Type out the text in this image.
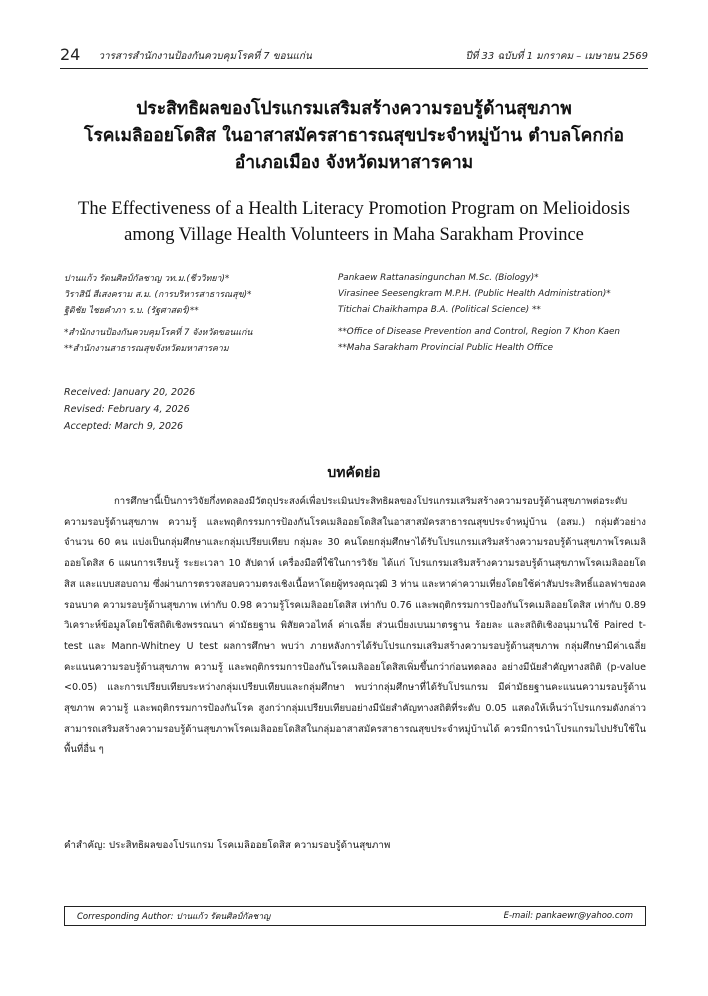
24 วารสารสำนักงานป้องกันควบคุมโรคที่ 7 ขอนแก่น	ปีที่ 33 ฉบับที่ 1 มกราคม – เมษายน 2569
ประสิทธิผลของโปรแกรมเสริมสร้างความรอบรู้ด้านสุขภาพ
โรคเมลิออยโดสิส ในอาสาสมัครสาธารณสุขประจำหมู่บ้าน ตำบลโคกก่อ
อำเภอเมือง จังหวัดมหาสารคาม
The Effectiveness of a Health Literacy Promotion Program on Melioidosis
among Village Health Volunteers in Maha Sarakham Province
ปานแก้ว รัตนศิลป์กัลชาญ วท.ม.(ชีววิทยา)*	Pankaew Rattanasingunchan M.Sc. (Biology)*
วิราสินี สีเสงคราม ส.ม. (การบริหารสาธารณสุข)*	Virasinee Seesengkram M.P.H. (Public Health Administration)*
ฐิติชัย ไชยคำภา ร.บ. (รัฐศาสตร์)**	Titichai Chaikhampa B.A. (Political Science) **
*สำนักงานป้องกันควบคุมโรคที่ 7 จังหวัดขอนแก่น	**Office of Disease Prevention and Control, Region 7 Khon Kaen
**สำนักงานสาธารณสุขจังหวัดมหาสารคาม	**Maha Sarakham Provincial Public Health Office
Received: January 20, 2026
Revised: February 4, 2026
Accepted: March 9, 2026
บทคัดย่อ
การศึกษานี้เป็นการวิจัยกึ่งทดลองมีวัตถุประสงค์เพื่อประเมินประสิทธิผลของโปรแกรมเสริมสร้างความรอบรู้ด้านสุขภาพต่อระดับความรอบรู้ด้านสุขภาพ ความรู้ และพฤติกรรมการป้องกันโรคเมลิออยโดสิสในอาสาสมัครสาธารณสุขประจำหมู่บ้าน (อสม.) กลุ่มตัวอย่าง จำนวน 60 คน แบ่งเป็นกลุ่มศึกษาและกลุ่มเปรียบเทียบ กลุ่มละ 30 คนโดยกลุ่มศึกษาได้รับโปรแกรมเสริมสร้างความรอบรู้ด้านสุขภาพโรคเมลิออยโดสิส 6 แผนการเรียนรู้ ระยะเวลา 10 สัปดาห์ เครื่องมือที่ใช้ในการวิจัย ได้แก่ โปรแกรมเสริมสร้างความรอบรู้ด้านสุขภาพโรคเมลิออยโดสิส และแบบสอบถาม ซึ่งผ่านการตรวจสอบความตรงเชิงเนื้อหาโดยผู้ทรงคุณวุฒิ 3 ท่าน และหาค่าความเที่ยงโดยใช้ค่าสัมประสิทธิ์แอลฟาของครอนบาค ความรอบรู้ด้านสุขภาพ เท่ากับ 0.98 ความรู้โรคเมลิออยโดสิส เท่ากับ 0.76 และพฤติกรรมการป้องกันโรคเมลิออยโดสิส เท่ากับ 0.89 วิเคราะห์ข้อมูลโดยใช้สถิติเชิงพรรณนา ค่ามัธยฐาน พิสัยควอไทล์ ค่าเฉลี่ย ส่วนเบี่ยงเบนมาตรฐาน ร้อยละ และสถิติเชิงอนุมานใช้ Paired t-test และ Mann-Whitney U test ผลการศึกษา พบว่า ภายหลังการได้รับโปรแกรมเสริมสร้างความรอบรู้ด้านสุขภาพ กลุ่มศึกษามีค่าเฉลี่ยคะแนนความรอบรู้ด้านสุขภาพ ความรู้ และพฤติกรรมการป้องกันโรคเมลิออยโดสิสเพิ่มขึ้นกว่าก่อนทดลอง อย่างมีนัยสำคัญทางสถิติ (p-value <0.05) และการเปรียบเทียบระหว่างกลุ่มเปรียบเทียบและกลุ่มศึกษา พบว่ากลุ่มศึกษาที่ได้รับโปรแกรม มีค่ามัธยฐานคะแนนความรอบรู้ด้านสุขภาพ ความรู้ และพฤติกรรมการป้องกันโรค สูงกว่ากลุ่มเปรียบเทียบอย่างมีนัยสำคัญทางสถิติที่ระดับ 0.05 แสดงให้เห็นว่าโปรแกรมดังกล่าวสามารถเสริมสร้างความรอบรู้ด้านสุขภาพโรคเมลิออยโดสิสในกลุ่มอาสาสมัครสาธารณสุขประจำหมู่บ้านได้ ควรมีการนำโปรแกรมไปปรับใช้ในพื้นที่อื่น ๆ
คำสำคัญ: ประสิทธิผลของโปรแกรม โรคเมลิออยโดสิส ความรอบรู้ด้านสุขภาพ
Corresponding Author: ปานแก้ว รัตนศิลป์กัลชาญ	E-mail: pankaewr@yahoo.com
